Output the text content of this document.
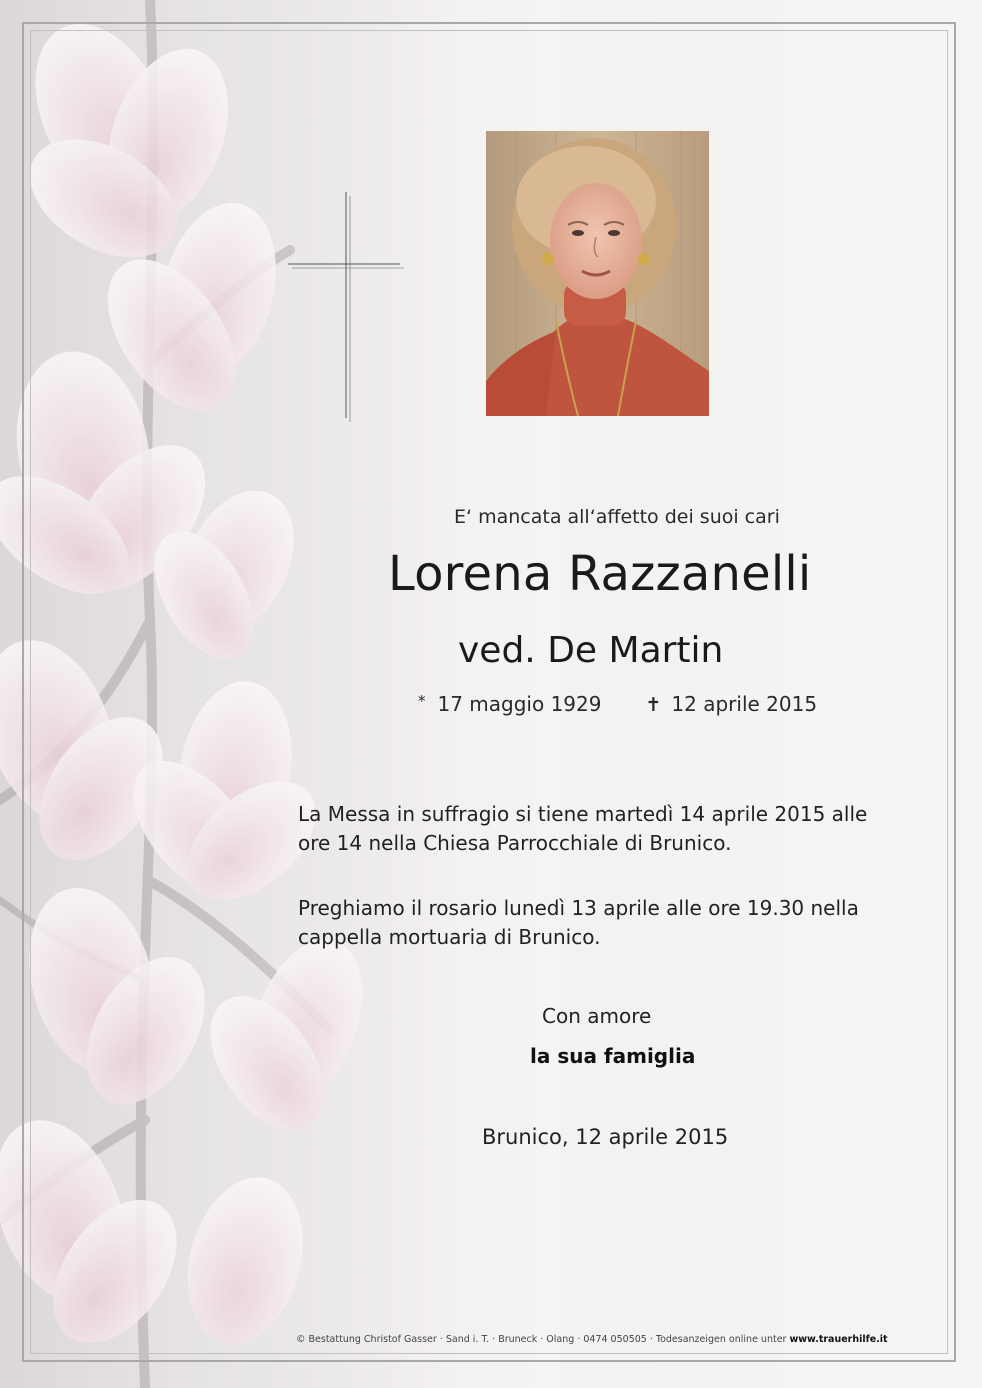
E‘ mancata all‘affetto dei suoi cari
Lorena Razzanelli
ved. De Martin
* 17 maggio 1929 ✝ 12 aprile 2015
La Messa in suffragio si tiene martedì 14 aprile 2015 alle ore 14 nella Chiesa Parrocchiale di Brunico.
Preghiamo il rosario lunedì 13 aprile alle ore 19.30 nella cappella mortuaria di Brunico.
Con amore
la sua famiglia
Brunico, 12 aprile 2015
© Bestattung Christof Gasser · Sand i. T. · Bruneck · Olang · 0474 050505 · Todesanzeigen online unter www.trauerhilfe.it
